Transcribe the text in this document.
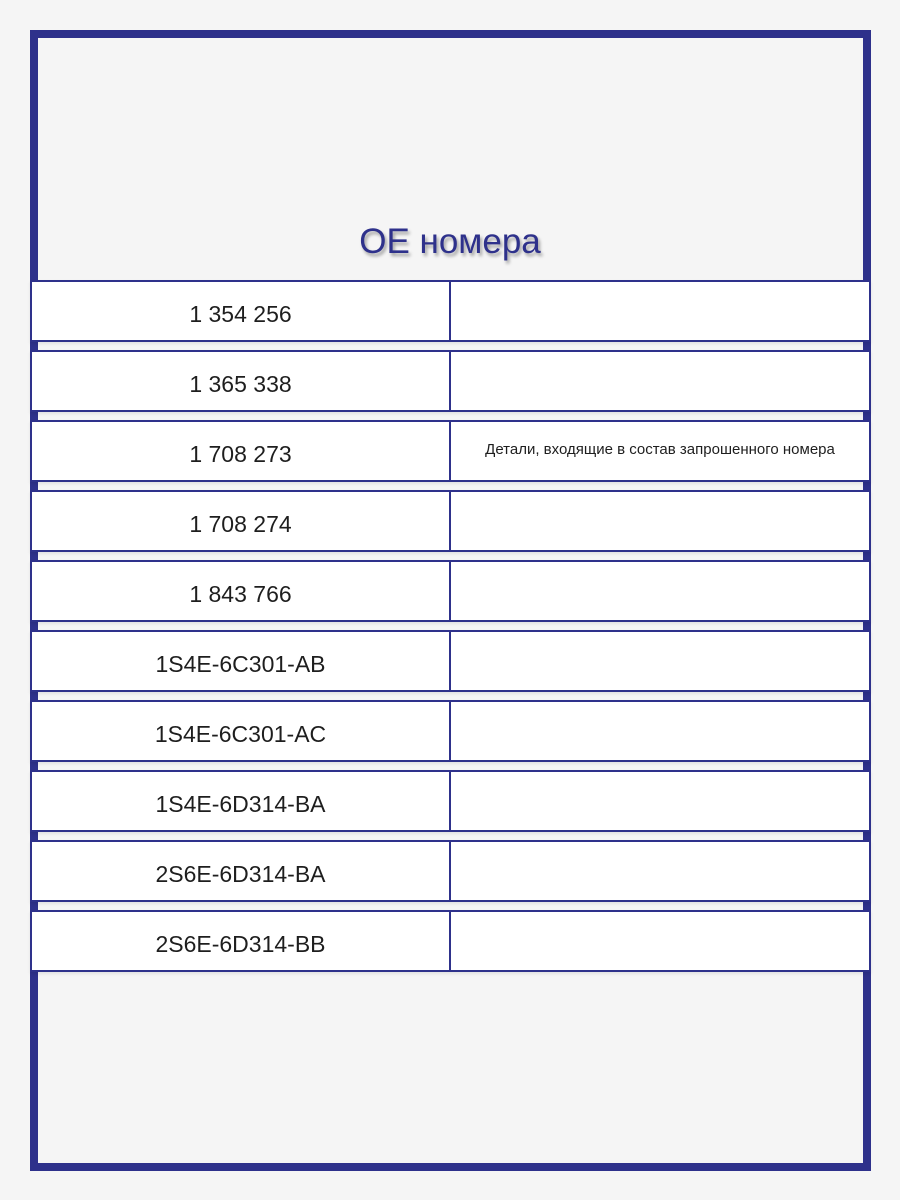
OE номера
1 354 256
1 365 338
1 708 273	Детали, входящие в состав запрошенного номера
1 708 274
1 843 766
1S4E-6C301-AB
1S4E-6C301-AC
1S4E-6D314-BA
2S6E-6D314-BA
2S6E-6D314-BB
